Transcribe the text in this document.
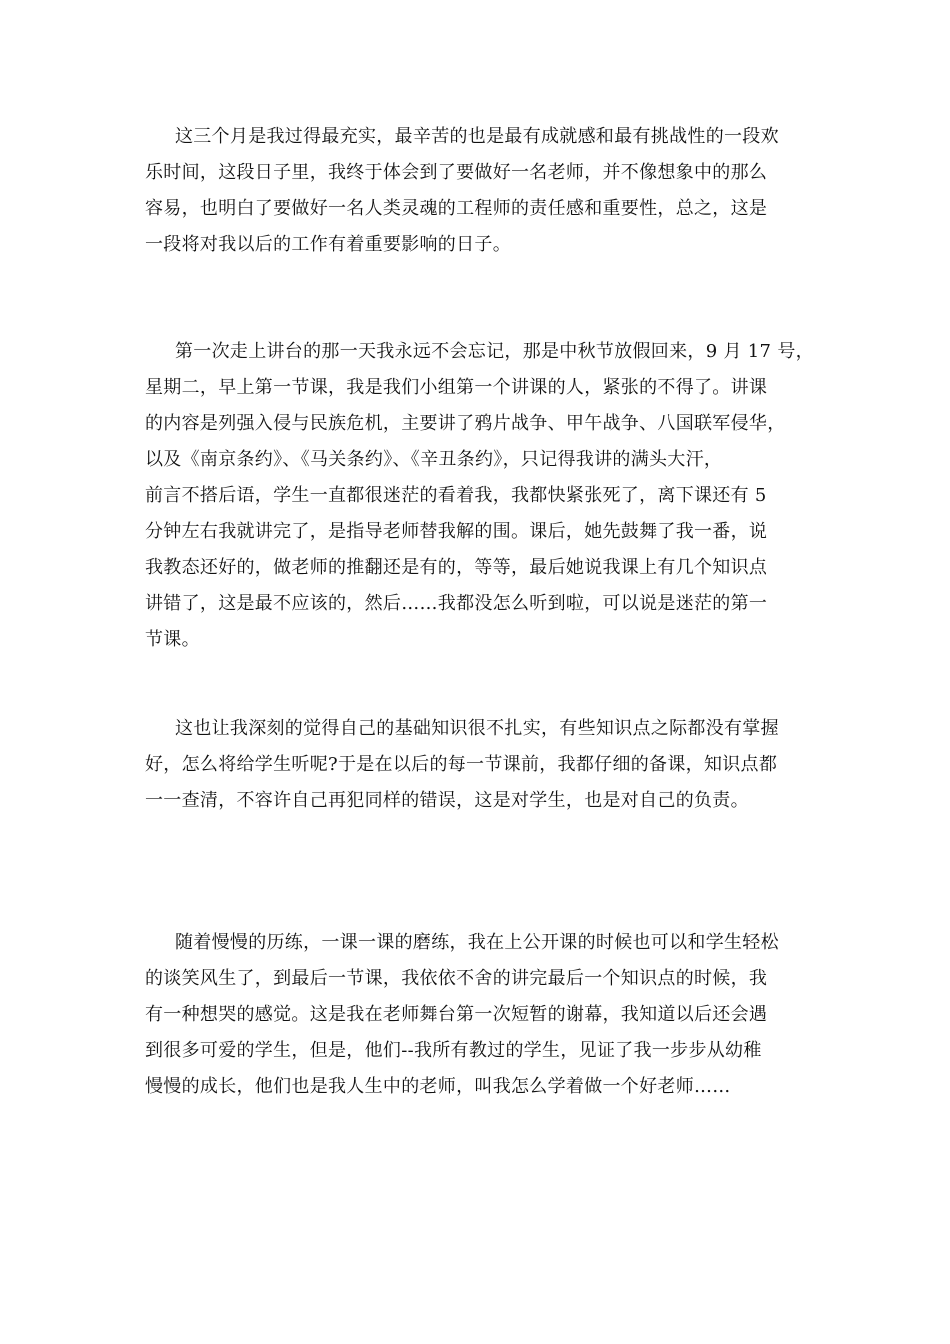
这三个月是我过得最充实，最辛苦的也是最有成就感和最有挑战性的一段欢
乐时间，这段日子里，我终于体会到了要做好一名老师，并不像想象中的那么
容易，也明白了要做好一名人类灵魂的工程师的责任感和重要性，总之，这是
一段将对我以后的工作有着重要影响的日子。
第一次走上讲台的那一天我永远不会忘记，那是中秋节放假回来，9 月 17 号，
星期二，早上第一节课，我是我们小组第一个讲课的人，紧张的不得了。讲课
的内容是列强入侵与民族危机，主要讲了鸦片战争、甲午战争、八国联军侵华，
以及《南京条约》、《马关条约》、《辛丑条约》，只记得我讲的满头大汗，
前言不搭后语，学生一直都很迷茫的看着我，我都快紧张死了，离下课还有 5
分钟左右我就讲完了，是指导老师替我解的围。课后，她先鼓舞了我一番，说
我教态还好的，做老师的推翻还是有的，等等，最后她说我课上有几个知识点
讲错了，这是最不应该的，然后……我都没怎么听到啦，可以说是迷茫的第一
节课。
这也让我深刻的觉得自己的基础知识很不扎实，有些知识点之际都没有掌握
好，怎么将给学生听呢?于是在以后的每一节课前，我都仔细的备课，知识点都
一一查清，不容许自己再犯同样的错误，这是对学生，也是对自己的负责。
随着慢慢的历练，一课一课的磨练，我在上公开课的时候也可以和学生轻松
的谈笑风生了，到最后一节课，我依依不舍的讲完最后一个知识点的时候，我
有一种想哭的感觉。这是我在老师舞台第一次短暂的谢幕，我知道以后还会遇
到很多可爱的学生，但是，他们--我所有教过的学生，见证了我一步步从幼稚
慢慢的成长，他们也是我人生中的老师，叫我怎么学着做一个好老师……
